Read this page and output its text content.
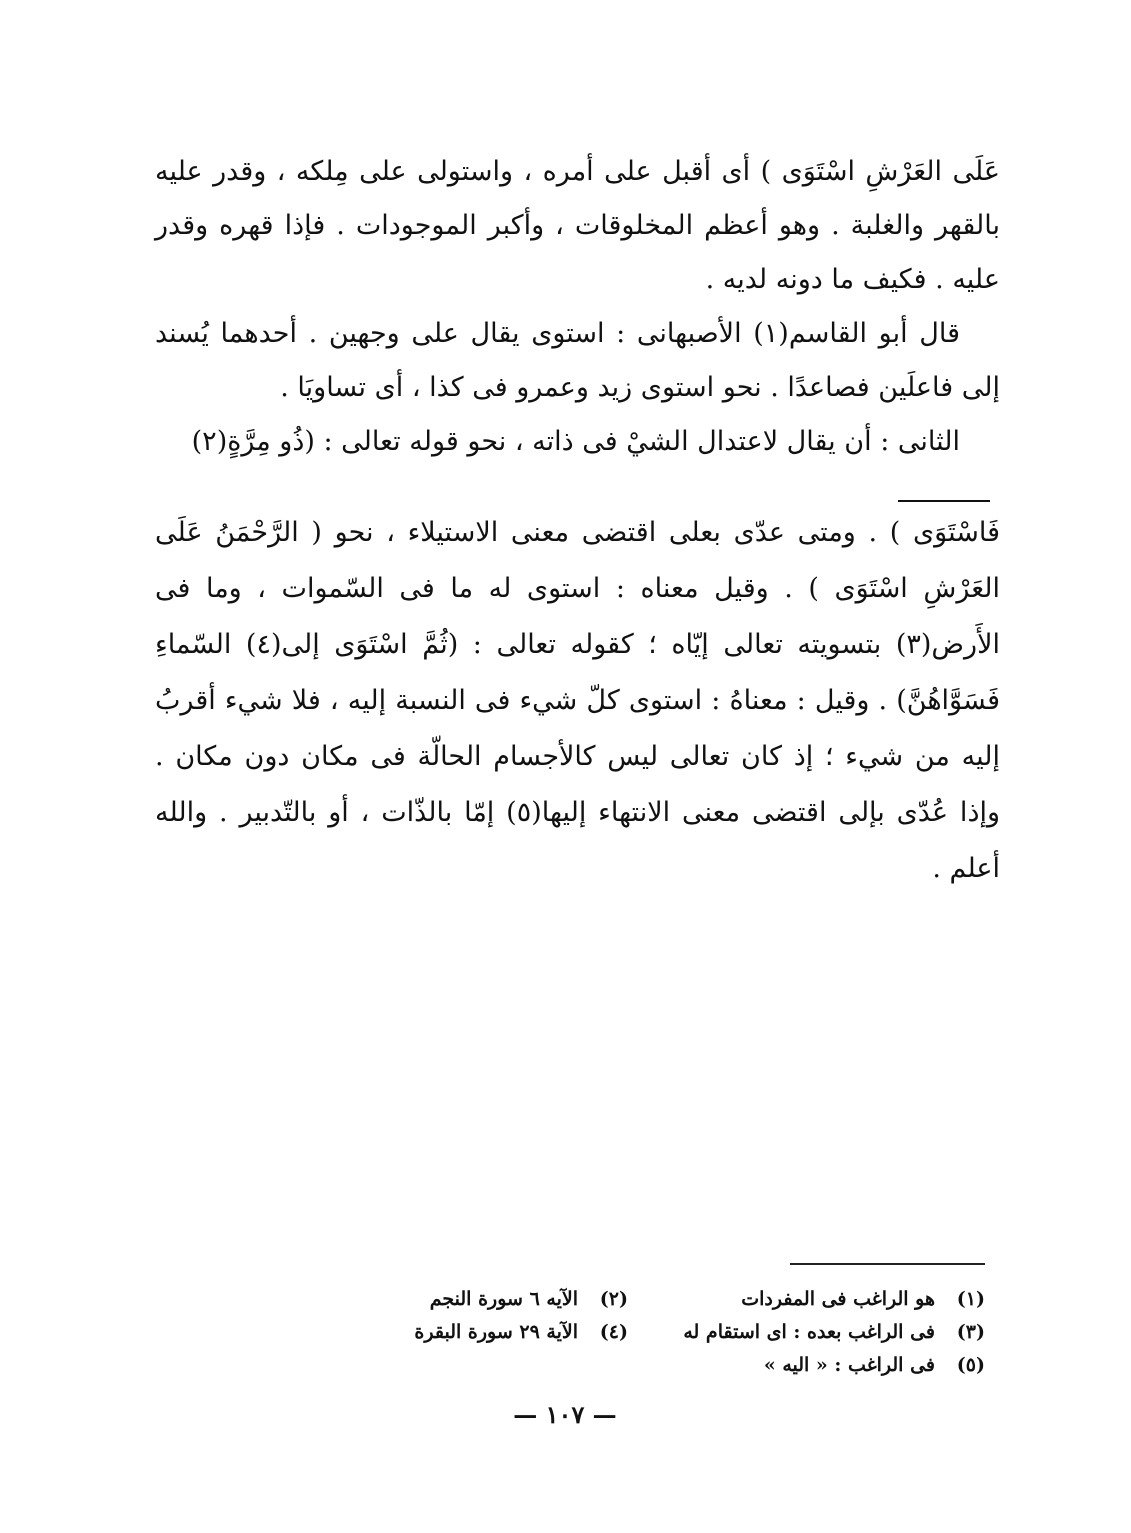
عَلَى العَرْشِ اسْتَوَى ) أى أقبل على أمره ، واستولى على مِلكه ، وقدر عليه بالقهر والغلبة . وهو أعظم المخلوقات ، وأكبر الموجودات . فإذا قهره وقدر عليه . فكيف ما دونه لديه .

قال أبو القاسم(١) الأصبهانى : استوى يقال على وجهين . أحدهما يُسند إلى فاعلَين فصاعدًا . نحو استوى زيد وعمرو فى كذا ، أى تساويَا .

الثانى : أن يقال لاعتدال الشيْ فى ذاته ، نحو قوله تعالى : (ذُو مِرَّةٍ(٢)

فَاسْتَوَى ) . ومتى عدّى بعلى اقتضى معنى الاستيلاء ، نحو ( الرَّحْمَنُ عَلَى العَرْشِ اسْتَوَى ) . وقيل معناه : استوى له ما فى السّموات ، وما فى الأَرض(٣) بتسويته تعالى إيّاه ؛ كقوله تعالى : (ثُمَّ اسْتَوَى إلى(٤) السّماءِ فَسَوَّاهُنَّ) . وقيل : معناهُ : استوى كلّ شيء فى النسبة إليه ، فلا شيء أقربُ إليه من شيء ؛ إذ كان تعالى ليس كالأجسام الحالّة فى مكان دون مكان . وإذا عُدّى بإلى اقتضى معنى الانتهاء إليها(٥) إمّا بالذّات ، أو بالتّدبير . والله أعلم .

(١)
هو الراغب فى المفردات
(٢)
الآيه ٦ سورة النجم
(٣)
فى الراغب بعده : اى استقام له
(٤)
الآية ٢٩ سورة البقرة
(٥)
فى الراغب : « اليه »
— ١٠٧ —
